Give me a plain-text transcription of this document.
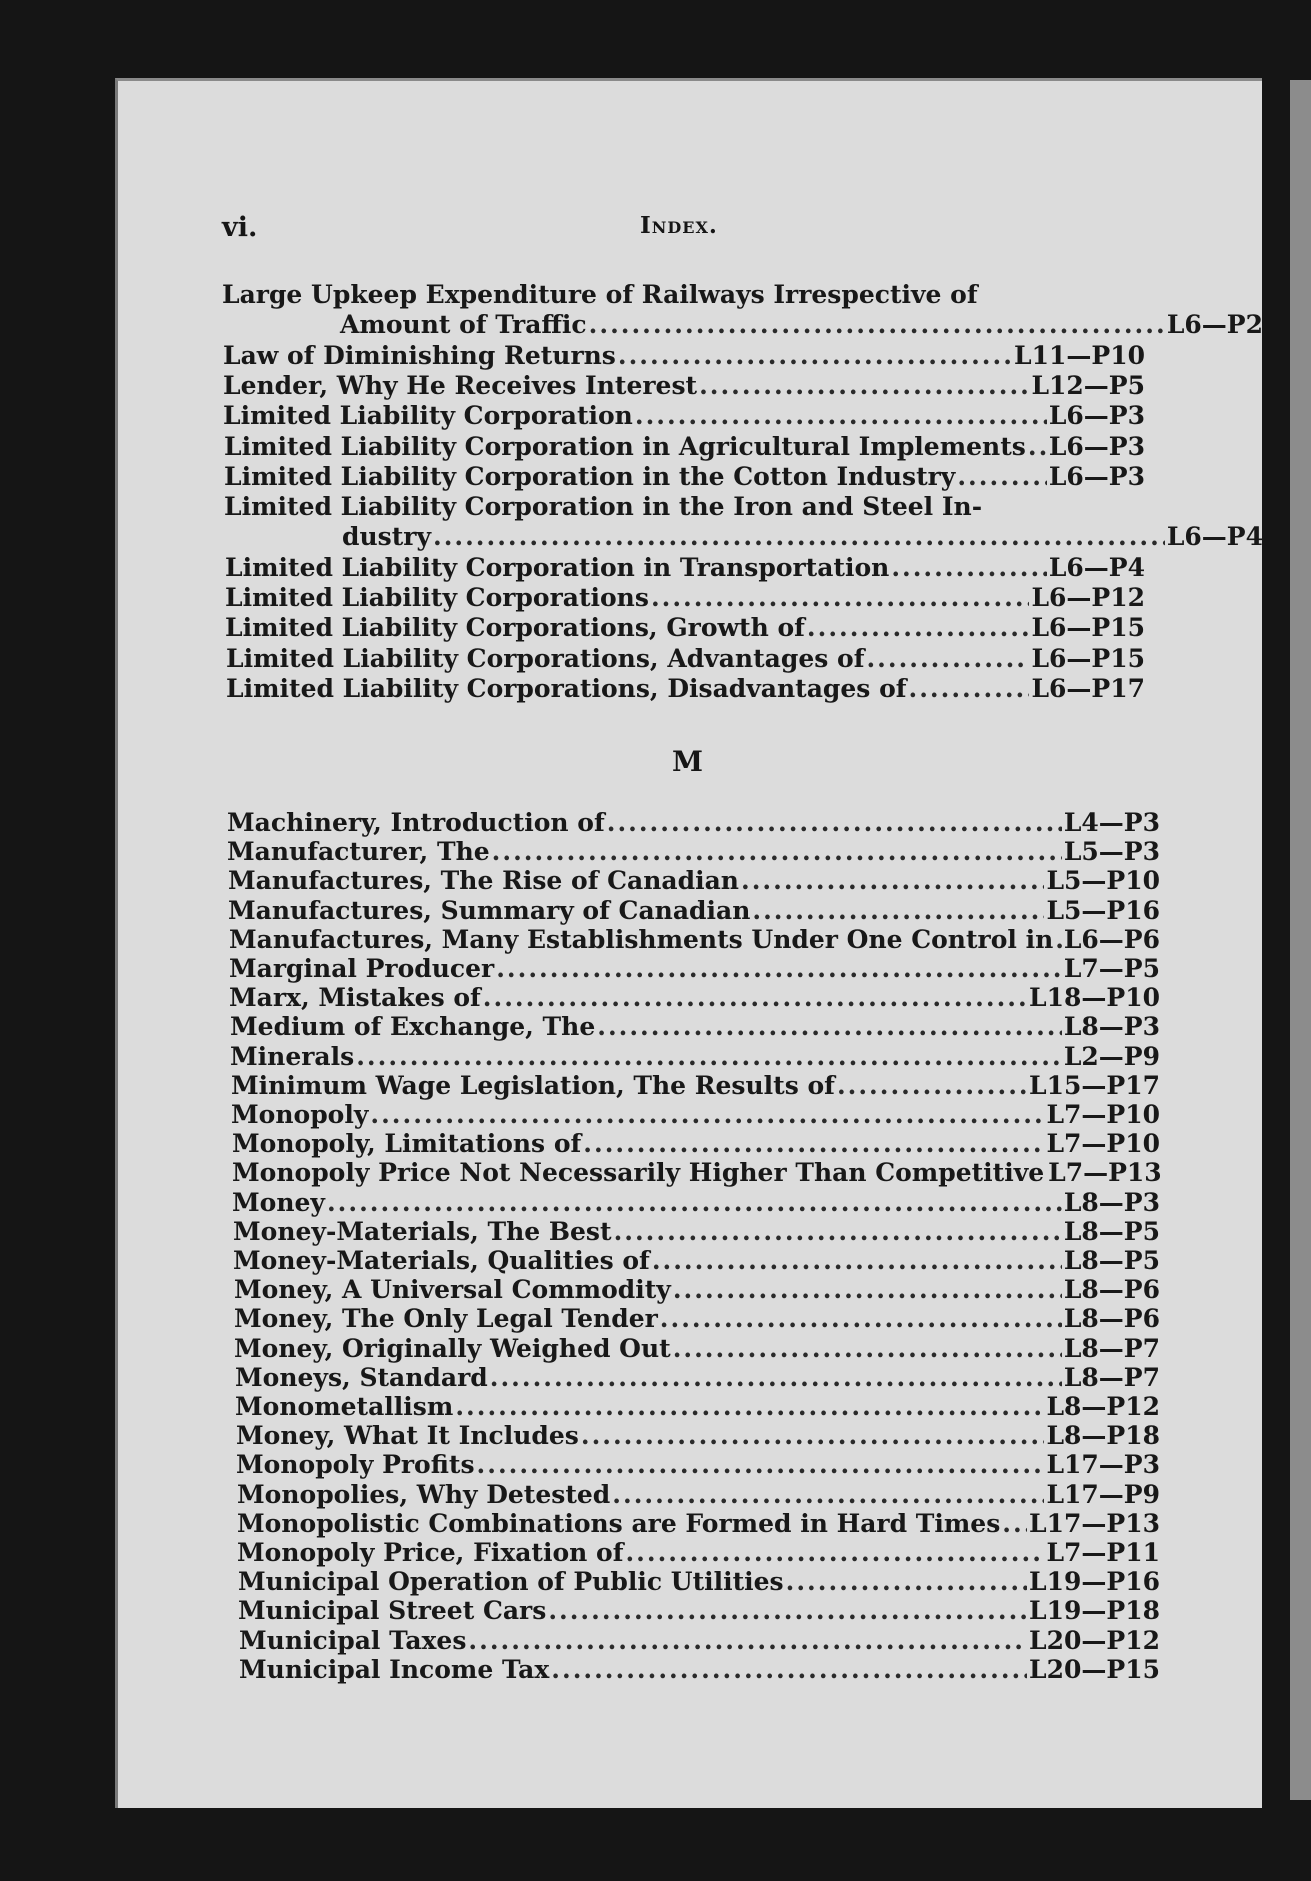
vi.	Index.
M
Large Upkeep Expenditure of Railways Irrespective of
Amount of Traffic .....	L6—P2
Law of Diminishing Returns .....	L11—P10
Lender, Why He Receives Interest .....	L12—P5
Limited Liability Corporation .....	L6—P3
Limited Liability Corporation in Agricultural Implements ..... L6—P3
Limited Liability Corporation in the Cotton Industry .....	L6—P3
Limited Liability Corporation in the Iron and Steel In-
dustry .....	L6—P4
Limited Liability Corporation in Transportation .....	L6—P4
Limited Liability Corporations .....	L6—P12
Limited Liability Corporations, Growth of .....	L6—P15
Limited Liability Corporations, Advantages of .....	L6—P15
Limited Liability Corporations, Disadvantages of .....	L6—P17
Machinery, Introduction of .....	L4—P3
Manufacturer, The .....	L5—P3
Manufactures, The Rise of Canadian .....	L5—P10
Manufactures, Summary of Canadian .....	L5—P16
Manufactures, Many Establishments Under One Control in ..... L6—P6
Marginal Producer .....	L7—P5
Marx, Mistakes of .....	L18—P10
Medium of Exchange, The .....	L8—P3
Minerals .....	L2—P9
Minimum Wage Legislation, The Results of .....	L15—P17
Monopoly .....	L7—P10
Monopoly, Limitations of .....	L7—P10
Monopoly Price Not Necessarily Higher Than Competitive L7—P13
Money .....	L8—P3
Money-Materials, The Best .....	L8—P5
Money-Materials, Qualities of .....	L8—P5
Money, A Universal Commodity .....	L8—P6
Money, The Only Legal Tender .....	L8—P6
Money, Originally Weighed Out .....	L8—P7
Moneys, Standard .....	L8—P7
Monometallism .....	L8—P12
Money, What It Includes .....	L8—P18
Monopoly Profits .....	L17—P3
Monopolies, Why Detested .....	L17—P9
Monopolistic Combinations are Formed in Hard Times ..... L17—P13
Monopoly Price, Fixation of .....	L7—P11
Municipal Operation of Public Utilities .....	L19—P16
Municipal Street Cars .....	L19—P18
Municipal Taxes .....	L20—P12
Municipal Income Tax .....	L20—P15
